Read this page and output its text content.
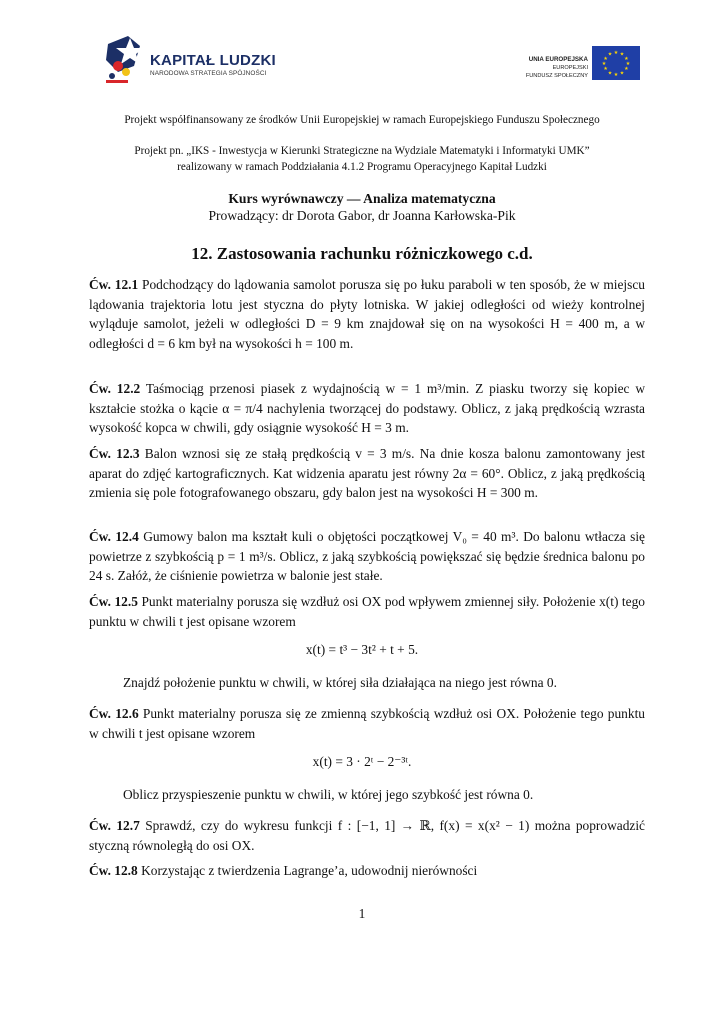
KAPITAŁ LUDZKI
NARODOWA STRATEGIA SPÓJNOŚCI
UNIA EUROPEJSKA
EUROPEJSKI
FUNDUSZ SPOŁECZNY
★ ★
★
★
★
★
★
★
★
★
★
★
Projekt współfinansowany ze środków Unii Europejskiej w ramach Europejskiego Funduszu Społecznego
Projekt pn. „IKS - Inwestycja w Kierunki Strategiczne na Wydziale Matematyki i Informatyki UMK”
realizowany w ramach Poddziałania 4.1.2 Programu Operacyjnego Kapitał Ludzki
Kurs wyrównawczy — Analiza matematyczna
Prowadzący: dr Dorota Gabor, dr Joanna Karłowska-Pik
12. Zastosowania rachunku różniczkowego c.d.

Ćw. 12.1 Podchodzący do lądowania samolot porusza się po łuku paraboli w ten sposób, że w miejscu lądowania trajektoria lotu jest styczna do płyty lotniska. W jakiej odległości od wieży kontrolnej wyląduje samolot, jeżeli w odległości D = 9 km znajdował się on na wysokości H = 400 m, a w odległości d = 6 km był na wysokości h = 100 m.

Ćw. 12.2 Taśmociąg przenosi piasek z wydajnością w = 1 m³/min. Z piasku tworzy się kopiec w kształcie stożka o kącie α = π/4 nachylenia tworzącej do podstawy. Oblicz, z jaką prędkością wzrasta wysokość kopca w chwili, gdy osiągnie wysokość H = 3 m.

Ćw. 12.3 Balon wznosi się ze stałą prędkością v = 3 m/s. Na dnie kosza balonu zamontowany jest aparat do zdjęć kartograficznych. Kat widzenia aparatu jest równy 2α = 60°. Oblicz, z jaką prędkością zmienia się pole fotografowanego obszaru, gdy balon jest na wysokości H = 300 m.

Ćw. 12.4 Gumowy balon ma kształt kuli o objętości początkowej V₀ = 40 m³. Do balonu wtłacza się powietrze z szybkością p = 1 m³/s. Oblicz, z jaką szybkością powiększać się będzie średnica balonu po 24 s. Załóż, że ciśnienie powietrza w balonie jest stałe.

Ćw. 12.5 Punkt materialny porusza się wzdłuż osi OX pod wpływem zmiennej siły. Położenie x(t) tego punktu w chwili t jest opisane wzorem

x(t) = t³ − 3t² + t + 5.
Znajdź położenie punktu w chwili, w której siła działająca na niego jest równa 0.

Ćw. 12.6 Punkt materialny porusza się ze zmienną szybkością wzdłuż osi OX. Położenie tego punktu w chwili t jest opisane wzorem

x(t) = 3 · 2ᵗ − 2⁻³ᵗ.
Oblicz przyspieszenie punktu w chwili, w której jego szybkość jest równa 0.

Ćw. 12.7 Sprawdź, czy do wykresu funkcji f : [−1, 1] → ℝ, f(x) = x(x² − 1) można poprowadzić styczną równoległą do osi OX.

Ćw. 12.8 Korzystając z twierdzenia Lagrange’a, udowodnij nierówności

1
